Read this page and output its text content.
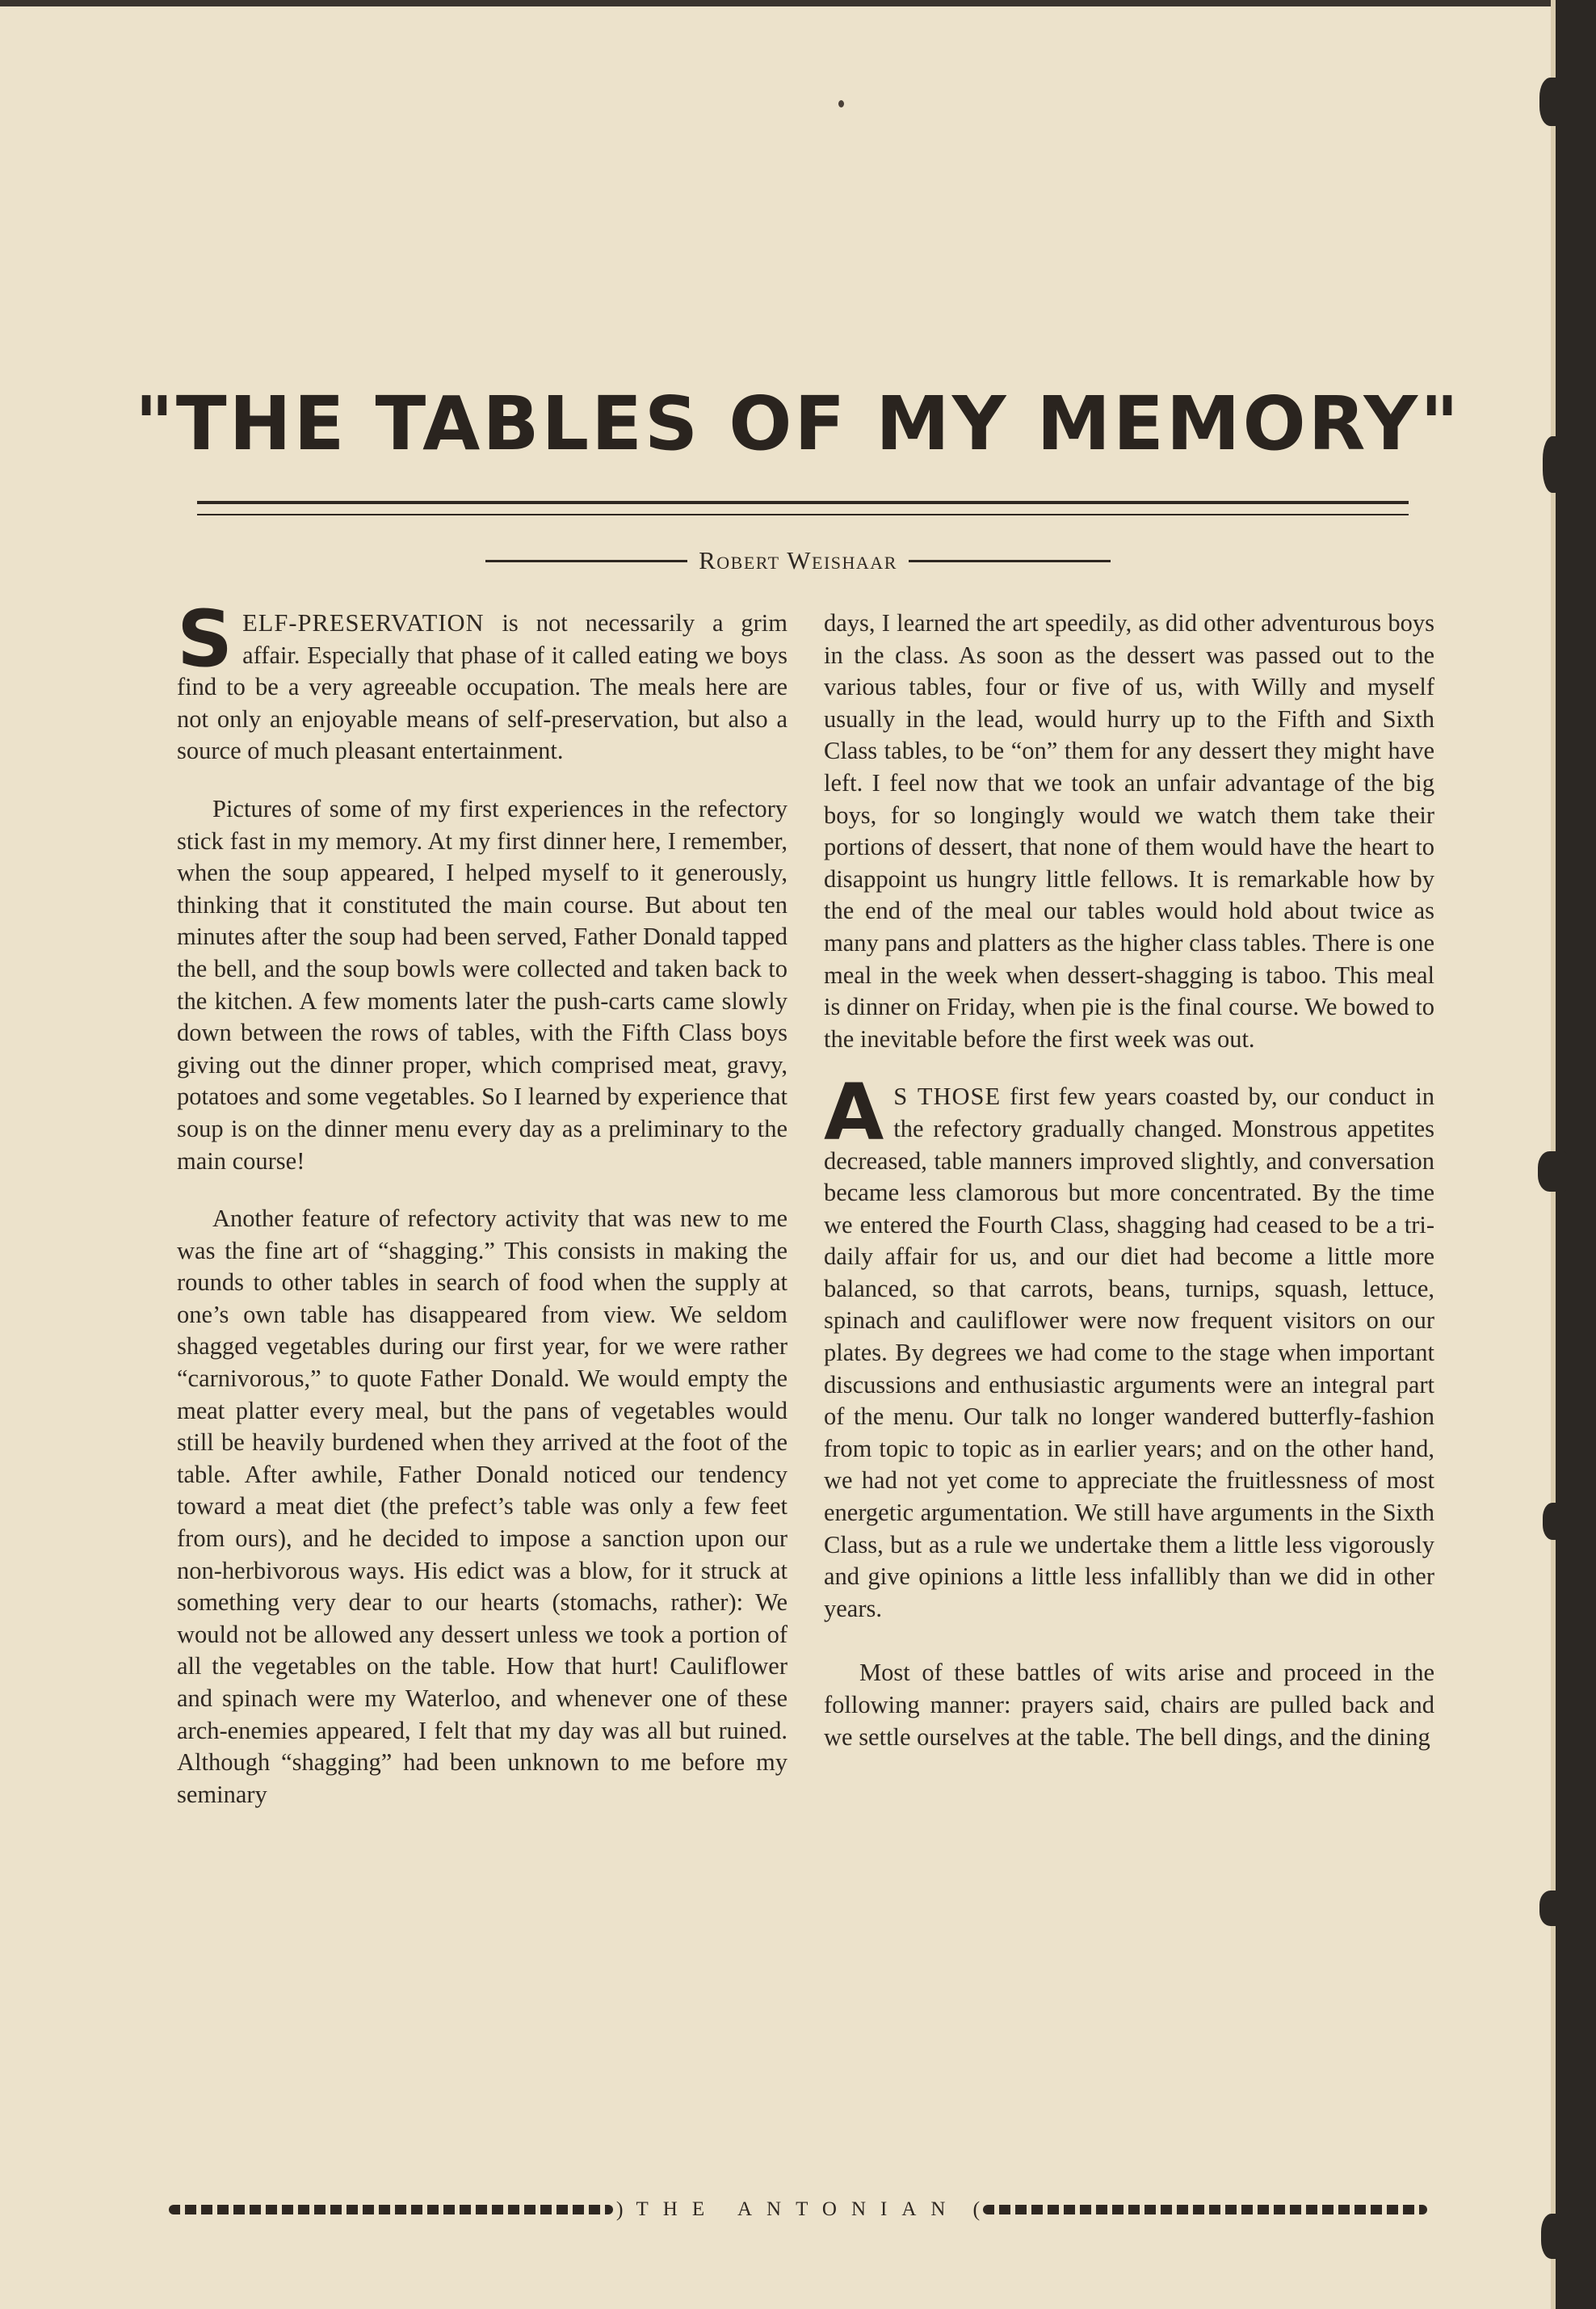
"THE TABLES OF MY MEMORY"
Robert Weishaar

SELF-PRESERVATION is not necessarily a grim affair. Especially that phase of it called eating we boys find to be a very agreeable occupation. The meals here are not only an enjoyable means of self-preservation, but also a source of much pleasant entertainment.

Pictures of some of my first experiences in the refectory stick fast in my memory. At my first dinner here, I remember, when the soup appeared, I helped myself to it generously, thinking that it constituted the main course. But about ten minutes after the soup had been served, Father Donald tapped the bell, and the soup bowls were collected and taken back to the kitchen. A few moments later the push-carts came slowly down between the rows of tables, with the Fifth Class boys giving out the dinner proper, which comprised meat, gravy, potatoes and some vegetables. So I learned by experience that soup is on the dinner menu every day as a preliminary to the main course!

Another feature of refectory activity that was new to me was the fine art of “shagging.” This consists in making the rounds to other tables in search of food when the supply at one’s own table has disappeared from view. We seldom shagged vegetables during our first year, for we were rather “carnivorous,” to quote Father Donald. We would empty the meat platter every meal, but the pans of vegetables would still be heavily burdened when they arrived at the foot of the table. After awhile, Father Donald noticed our tendency toward a meat diet (the prefect’s table was only a few feet from ours), and he decided to impose a sanction upon our non-herbivorous ways. His edict was a blow, for it struck at something very dear to our hearts (stomachs, rather): We would not be allowed any dessert unless we took a portion of all the vegetables on the table. How that hurt! Cauliflower and spinach were my Waterloo, and whenever one of these arch-enemies appeared, I felt that my day was all but ruined. Although “shagging” had been unknown to me before my seminary

days, I learned the art speedily, as did other adventurous boys in the class. As soon as the dessert was passed out to the various tables, four or five of us, with Willy and myself usually in the lead, would hurry up to the Fifth and Sixth Class tables, to be “on” them for any dessert they might have left. I feel now that we took an unfair advantage of the big boys, for so longingly would we watch them take their portions of dessert, that none of them would have the heart to disappoint us hungry little fellows. It is remarkable how by the end of the meal our tables would hold about twice as many pans and platters as the higher class tables. There is one meal in the week when dessert-shagging is taboo. This meal is dinner on Friday, when pie is the final course. We bowed to the inevitable before the first week was out.

A S THOSE first few years coasted by, our conduct in the refectory gradually changed. Monstrous appetites decreased, table manners improved slightly, and conversation became less clamorous but more concentrated. By the time we entered the Fourth Class, shagging had ceased to be a tri-daily affair for us, and our diet had become a little more balanced, so that carrots, beans, turnips, squash, lettuce, spinach and cauliflower were now frequent visitors on our plates. By degrees we had come to the stage when important discussions and enthusiastic arguments were an integral part of the menu. Our talk no longer wandered butterfly-fashion from topic to topic as in earlier years; and on the other hand, we had not yet come to appreciate the fruitlessness of most energetic argumentation. We still have arguments in the Sixth Class, but as a rule we undertake them a little less vigorously and give opinions a little less infallibly than we did in other years.

Most of these battles of wits arise and proceed in the following manner: prayers said, chairs are pulled back and we settle ourselves at the table. The bell dings, and the dining

) THE ANTONIAN (
